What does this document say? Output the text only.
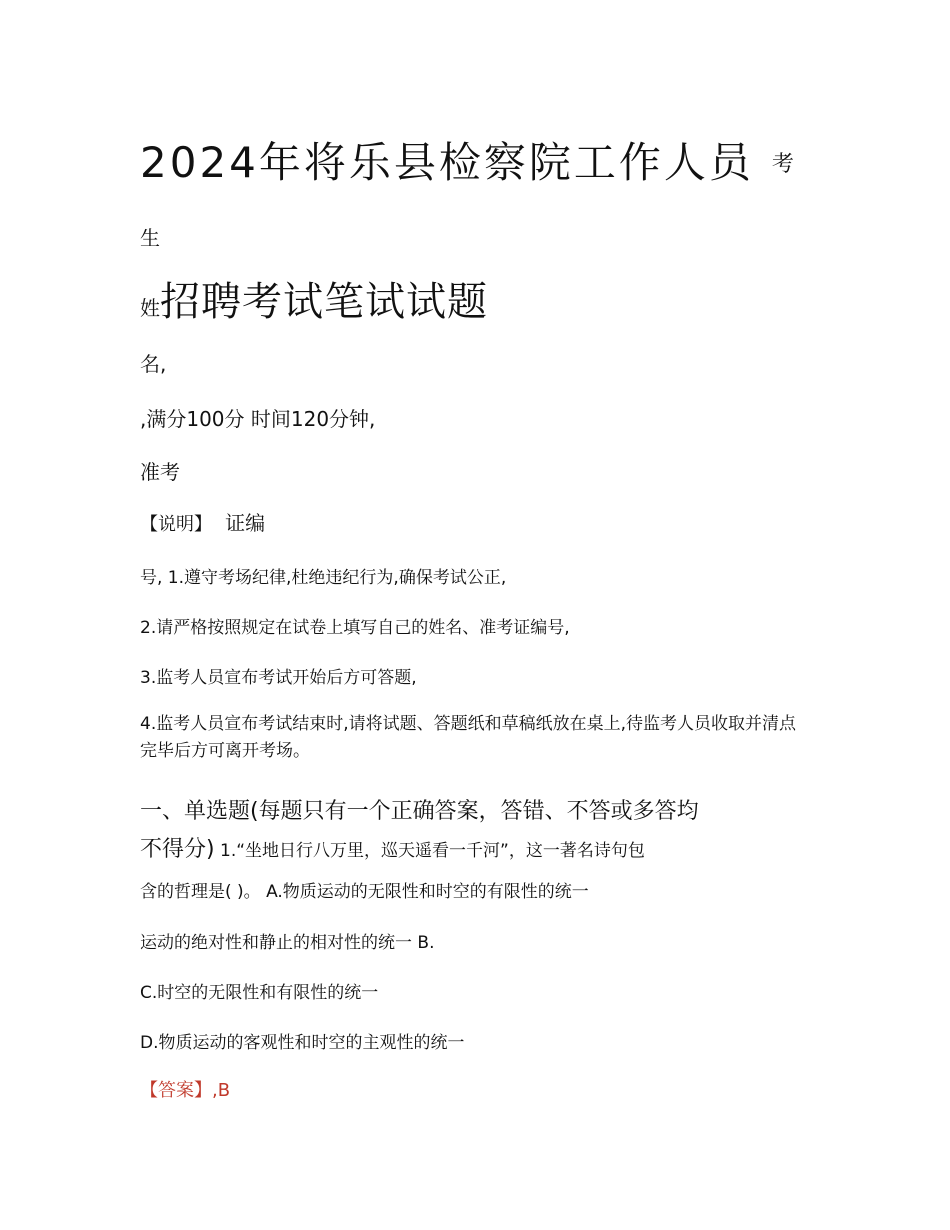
2024年将乐县检察院工作人员 考
生
姓招聘考试笔试试题
名,
,满分100分 时间120分钟,
准考
【说明】 证编
号, 1.遵守考场纪律,杜绝违纪行为,确保考试公正,
2.请严格按照规定在试卷上填写自己的姓名、准考证编号,
3.监考人员宣布考试开始后方可答题,
4.监考人员宣布考试结束时,请将试题、答题纸和草稿纸放在桌上,待监考人员收取并清点完毕后方可离开考场。
一、单选题(每题只有一个正确答案，答错、不答或多答均
不得分) 1.“坐地日行八万里，巡天遥看一千河”，这一著名诗句包
含的哲理是( )。 A.物质运动的无限性和时空的有限性的统一
运动的绝对性和静止的相对性的统一 B.
C.时空的无限性和有限性的统一
D.物质运动的客观性和时空的主观性的统一
【答案】,B
